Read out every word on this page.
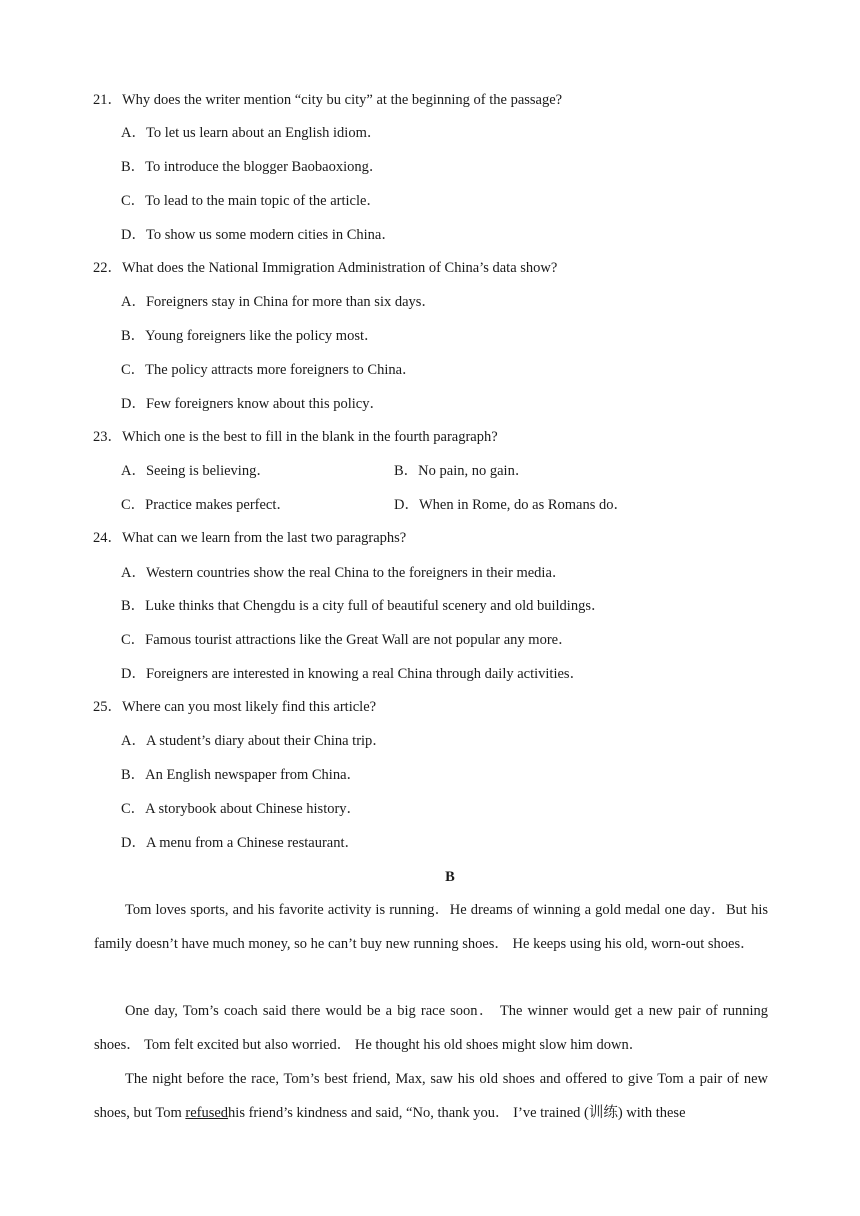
21．Why does the writer mention “city bu city” at the beginning of the passage?
A．To let us learn about an English idiom．
B．To introduce the blogger Baobaoxiong．
C．To lead to the main topic of the article．
D．To show us some modern cities in China．
22．What does the National Immigration Administration of China’s data show?
A．Foreigners stay in China for more than six days．
B．Young foreigners like the policy most．
C．The policy attracts more foreigners to China．
D．Few foreigners know about this policy．
23．Which one is the best to fill in the blank in the fourth paragraph?
A．Seeing is believing．	B．No pain, no gain．
C．Practice makes perfect．	D．When in Rome, do as Romans do．
24．What can we learn from the last two paragraphs?
A．Western countries show the real China to the foreigners in their media．
B．Luke thinks that Chengdu is a city full of beautiful scenery and old buildings．
C．Famous tourist attractions like the Great Wall are not popular any more．
D．Foreigners are interested in knowing a real China through daily activities．
25．Where can you most likely find this article?
A．A student’s diary about their China trip．
B．An English newspaper from China．
C．A storybook about Chinese history．
D．A menu from a Chinese restaurant．
B
Tom loves sports, and his favorite activity is running．He dreams of winning a gold medal one day．But his family doesn’t have much money, so he can’t buy new running shoes． He keeps using his old, worn-out shoes．
One day, Tom’s coach said there would be a big race soon． The winner would get a new pair of running shoes． Tom felt excited but also worried． He thought his old shoes might slow him down．
The night before the race, Tom’s best friend, Max, saw his old shoes and offered to give Tom a pair of new shoes, but Tom refusedhis friend’s kindness and said, “No, thank you． I’ve trained (训练) with these
